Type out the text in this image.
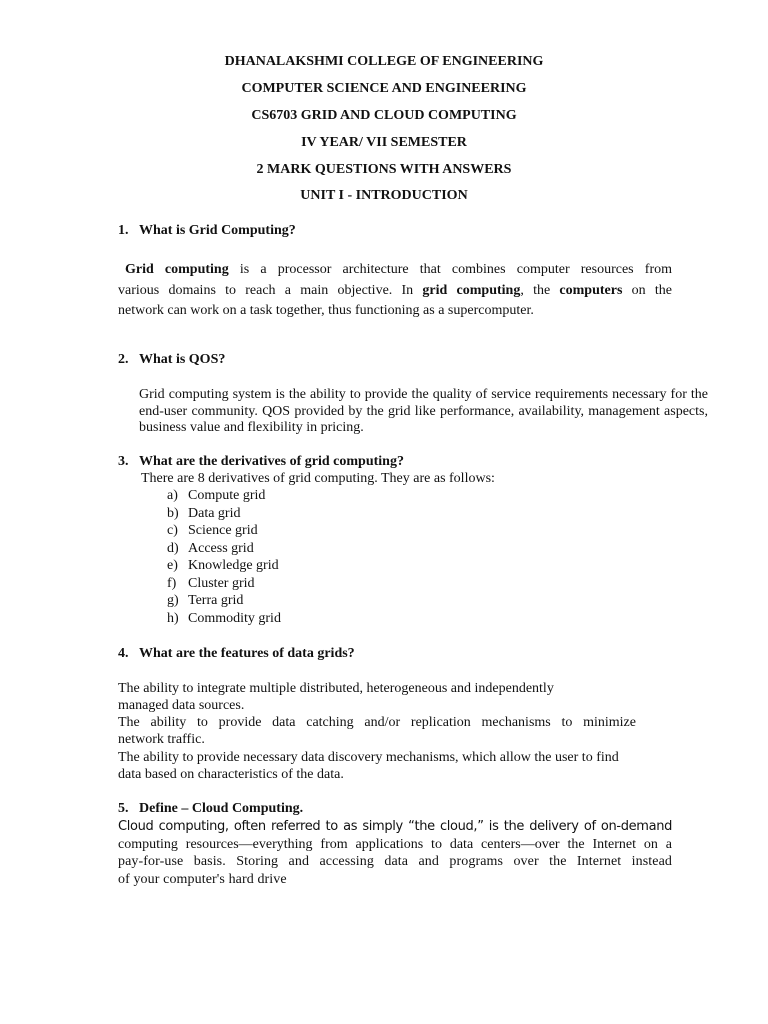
DHANALAKSHMI COLLEGE OF ENGINEERING
COMPUTER SCIENCE AND ENGINEERING
CS6703 GRID AND CLOUD COMPUTING
IV YEAR/ VII SEMESTER
2 MARK QUESTIONS WITH ANSWERS
UNIT I - INTRODUCTION
1. What is Grid Computing?
Grid computing is a processor architecture that combines computer resources from
various domains to reach a main objective. In grid computing, the computers on the
network can work on a task together, thus functioning as a supercomputer.
2. What is QOS?
Grid computing system is the ability to provide the quality of service requirements necessary for the end-user community. QOS provided by the grid like performance, availability, management aspects, business value and flexibility in pricing.
3. What are the derivatives of grid computing?
There are 8 derivatives of grid computing. They are as follows:
a) Compute grid
b) Data grid
c) Science grid
d) Access grid
e) Knowledge grid
f) Cluster grid
g) Terra grid
h) Commodity grid
4. What are the features of data grids?
The ability to integrate multiple distributed, heterogeneous and independently
managed data sources.
The ability to provide data catching and/or replication mechanisms to minimize
network traffic.
The ability to provide necessary data discovery mechanisms, which allow the user to find
data based on characteristics of the data.
5. Define – Cloud Computing.
Cloud computing, often referred to as simply “the cloud,” is the delivery of on-demand
computing resources—everything from applications to data centers—over the Internet on a
pay-for-use basis. Storing and accessing data and programs over the Internet instead
of your computer's hard drive
